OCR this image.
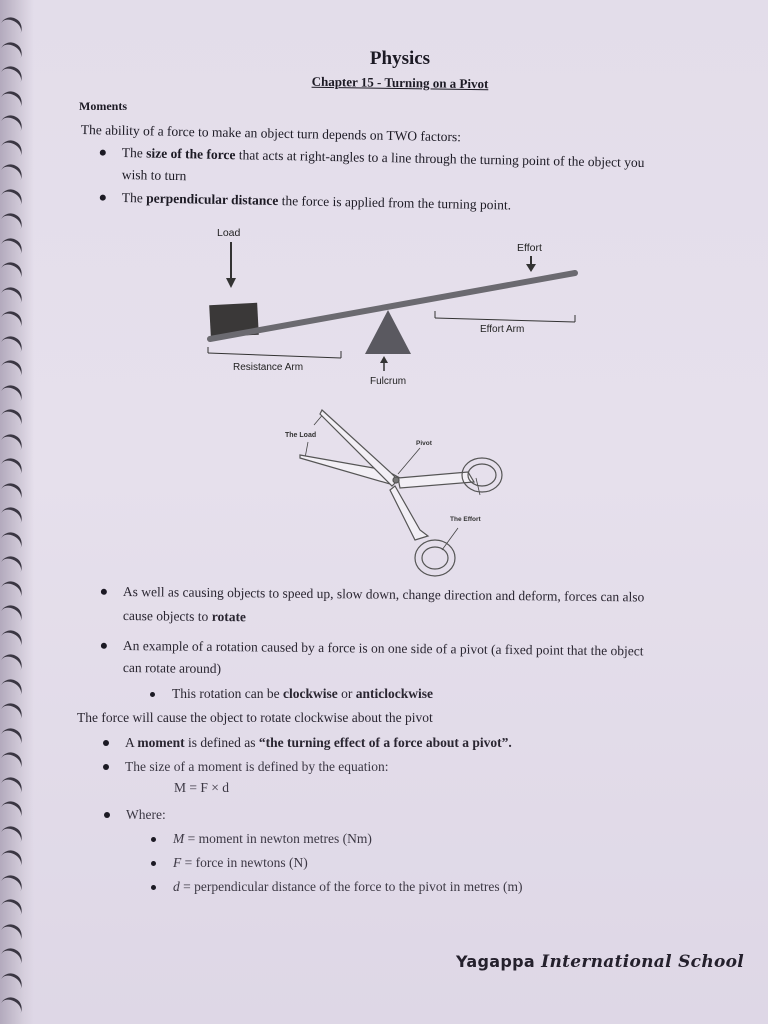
Physics
Chapter 15 - Turning on a Pivot
Moments
The ability of a force to make an object turn depends on TWO factors:
The size of the force that acts at right-angles to a line through the turning point of the object you
wish to turn
The perpendicular distance the force is applied from the turning point.
Load
Effort
Effort Arm
Resistance Arm
Fulcrum
The Load
Pivot
The Effort
As well as causing objects to speed up, slow down, change direction and deform, forces can also
cause objects to rotate
An example of a rotation caused by a force is on one side of a pivot (a fixed point that the object
can rotate around)
This rotation can be clockwise or anticlockwise
The force will cause the object to rotate clockwise about the pivot
A moment is defined as “the turning effect of a force about a pivot”.
The size of a moment is defined by the equation:
M = F × d
Where:
M = moment in newton metres (Nm)
F = force in newtons (N)
d = perpendicular distance of the force to the pivot in metres (m)
Yagappa International School
